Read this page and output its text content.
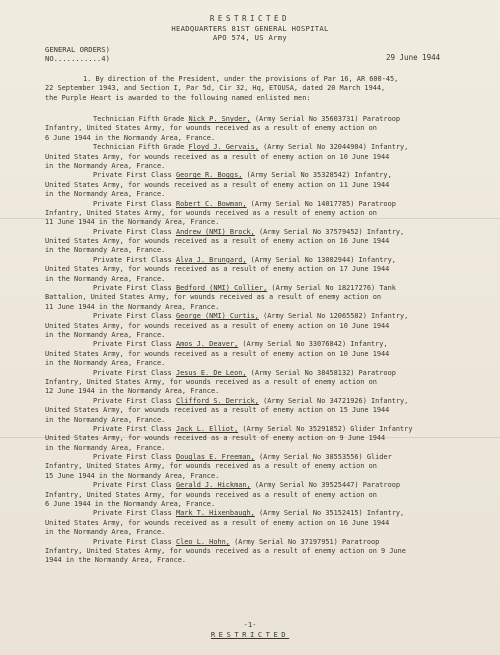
RESTRICTED
HEADQUARTERS 81ST GENERAL HOSPITAL
APO 574, US Army
GENERAL ORDERS)
NO...........4)	29 June 1944
1. By direction of the President, under the provisions of Par 16, AR 600-45,
22 September 1943, and Section I, Par 5d, Cir 32, Hq, ETOUSA, dated 20 March 1944,
the Purple Heart is awarded to the following named enlisted men:
Technician Fifth Grade Nick P. Snyder, (Army Serial No 35603731) Paratroop
Infantry, United States Army, for wounds received as a result of enemy action on
6 June 1944 in the Normandy Area, France.
Technician Fifth Grade Floyd J. Gervais, (Army Serial No 32044904) Infantry,
United States Army, for wounds received as a result of enemy action on 10 June 1944
in the Normandy Area, France.
Private First Class George R. Boggs, (Army Serial No 35328542) Infantry,
United States Army, for wounds received as a result of enemy action on 11 June 1944
in the Normandy Area, France.
Private First Class Robert C. Bowman, (Army Serial No 14017785) Paratroop
Infantry, United States Army, for wounds received as a result of enemy action on
11 June 1944 in the Normandy Area, France.
Private First Class Andrew (NMI) Brock, (Army Serial No 37579452) Infantry,
United States Army, for wounds received as a result of enemy action on 16 June 1944
in the Normandy Area, France.
Private First Class Alva J. Brungard, (Army Serial No 13002944) Infantry,
United States Army, for wounds received as a result of enemy action on 17 June 1944
in the Normandy Area, France.
Private First Class Bedford (NMI) Collier, (Army Serial No 18217276) Tank
Battalion, United States Army, for wounds received as a result of enemy action on
11 June 1944 in the Normandy Area, France.
Private First Class George (NMI) Curtis, (Army Serial No 12065582) Infantry,
United States Army, for wounds received as a result of enemy action on 10 June 1944
in the Normandy Area, France.
Private First Class Amos J. Deaver, (Army Serial No 33076842) Infantry,
United States Army, for wounds received as a result of enemy action on 10 June 1944
in the Normandy Area, France.
Private First Class Jesus E. De Leon, (Army Serial No 38458132) Paratroop
Infantry, United States Army, for wounds received as a result of enemy action on
12 June 1944 in the Normandy Area, France.
Private First Class Clifford S. Derrick, (Army Serial No 34721926) Infantry,
United States Army, for wounds received as a result of enemy action on 15 June 1944
in the Normandy Area, France.
Private First Class Jack L. Elliot, (Army Serial No 35291852) Glider Infantry
United States Army, for wounds received as a result of enemy action on 9 June 1944
in the Normandy Area, France.
Private First Class Douglas E. Freeman, (Army Serial No 38553556) Glider
Infantry, United States Army, for wounds received as a result of enemy action on
15 June 1944 in the Normandy Area, France.
Private First Class Gerald J. Hickman, (Army Serial No 39525447) Paratroop
Infantry, United States Army, for wounds received as a result of enemy action on
6 June 1944 in the Normandy Area, France.
Private First Class Mark T. Hixenbaugh, (Army Serial No 35152415) Infantry,
United States Army, for wounds received as a result of enemy action on 16 June 1944
in the Normandy Area, France.
Private First Class Cleo L. Hohn, (Army Serial No 37197951) Paratroop
Infantry, United States Army, for wounds received as a result of enemy action on 9 June
1944 in the Normandy Area, France.
-1-
RESTRICTED
